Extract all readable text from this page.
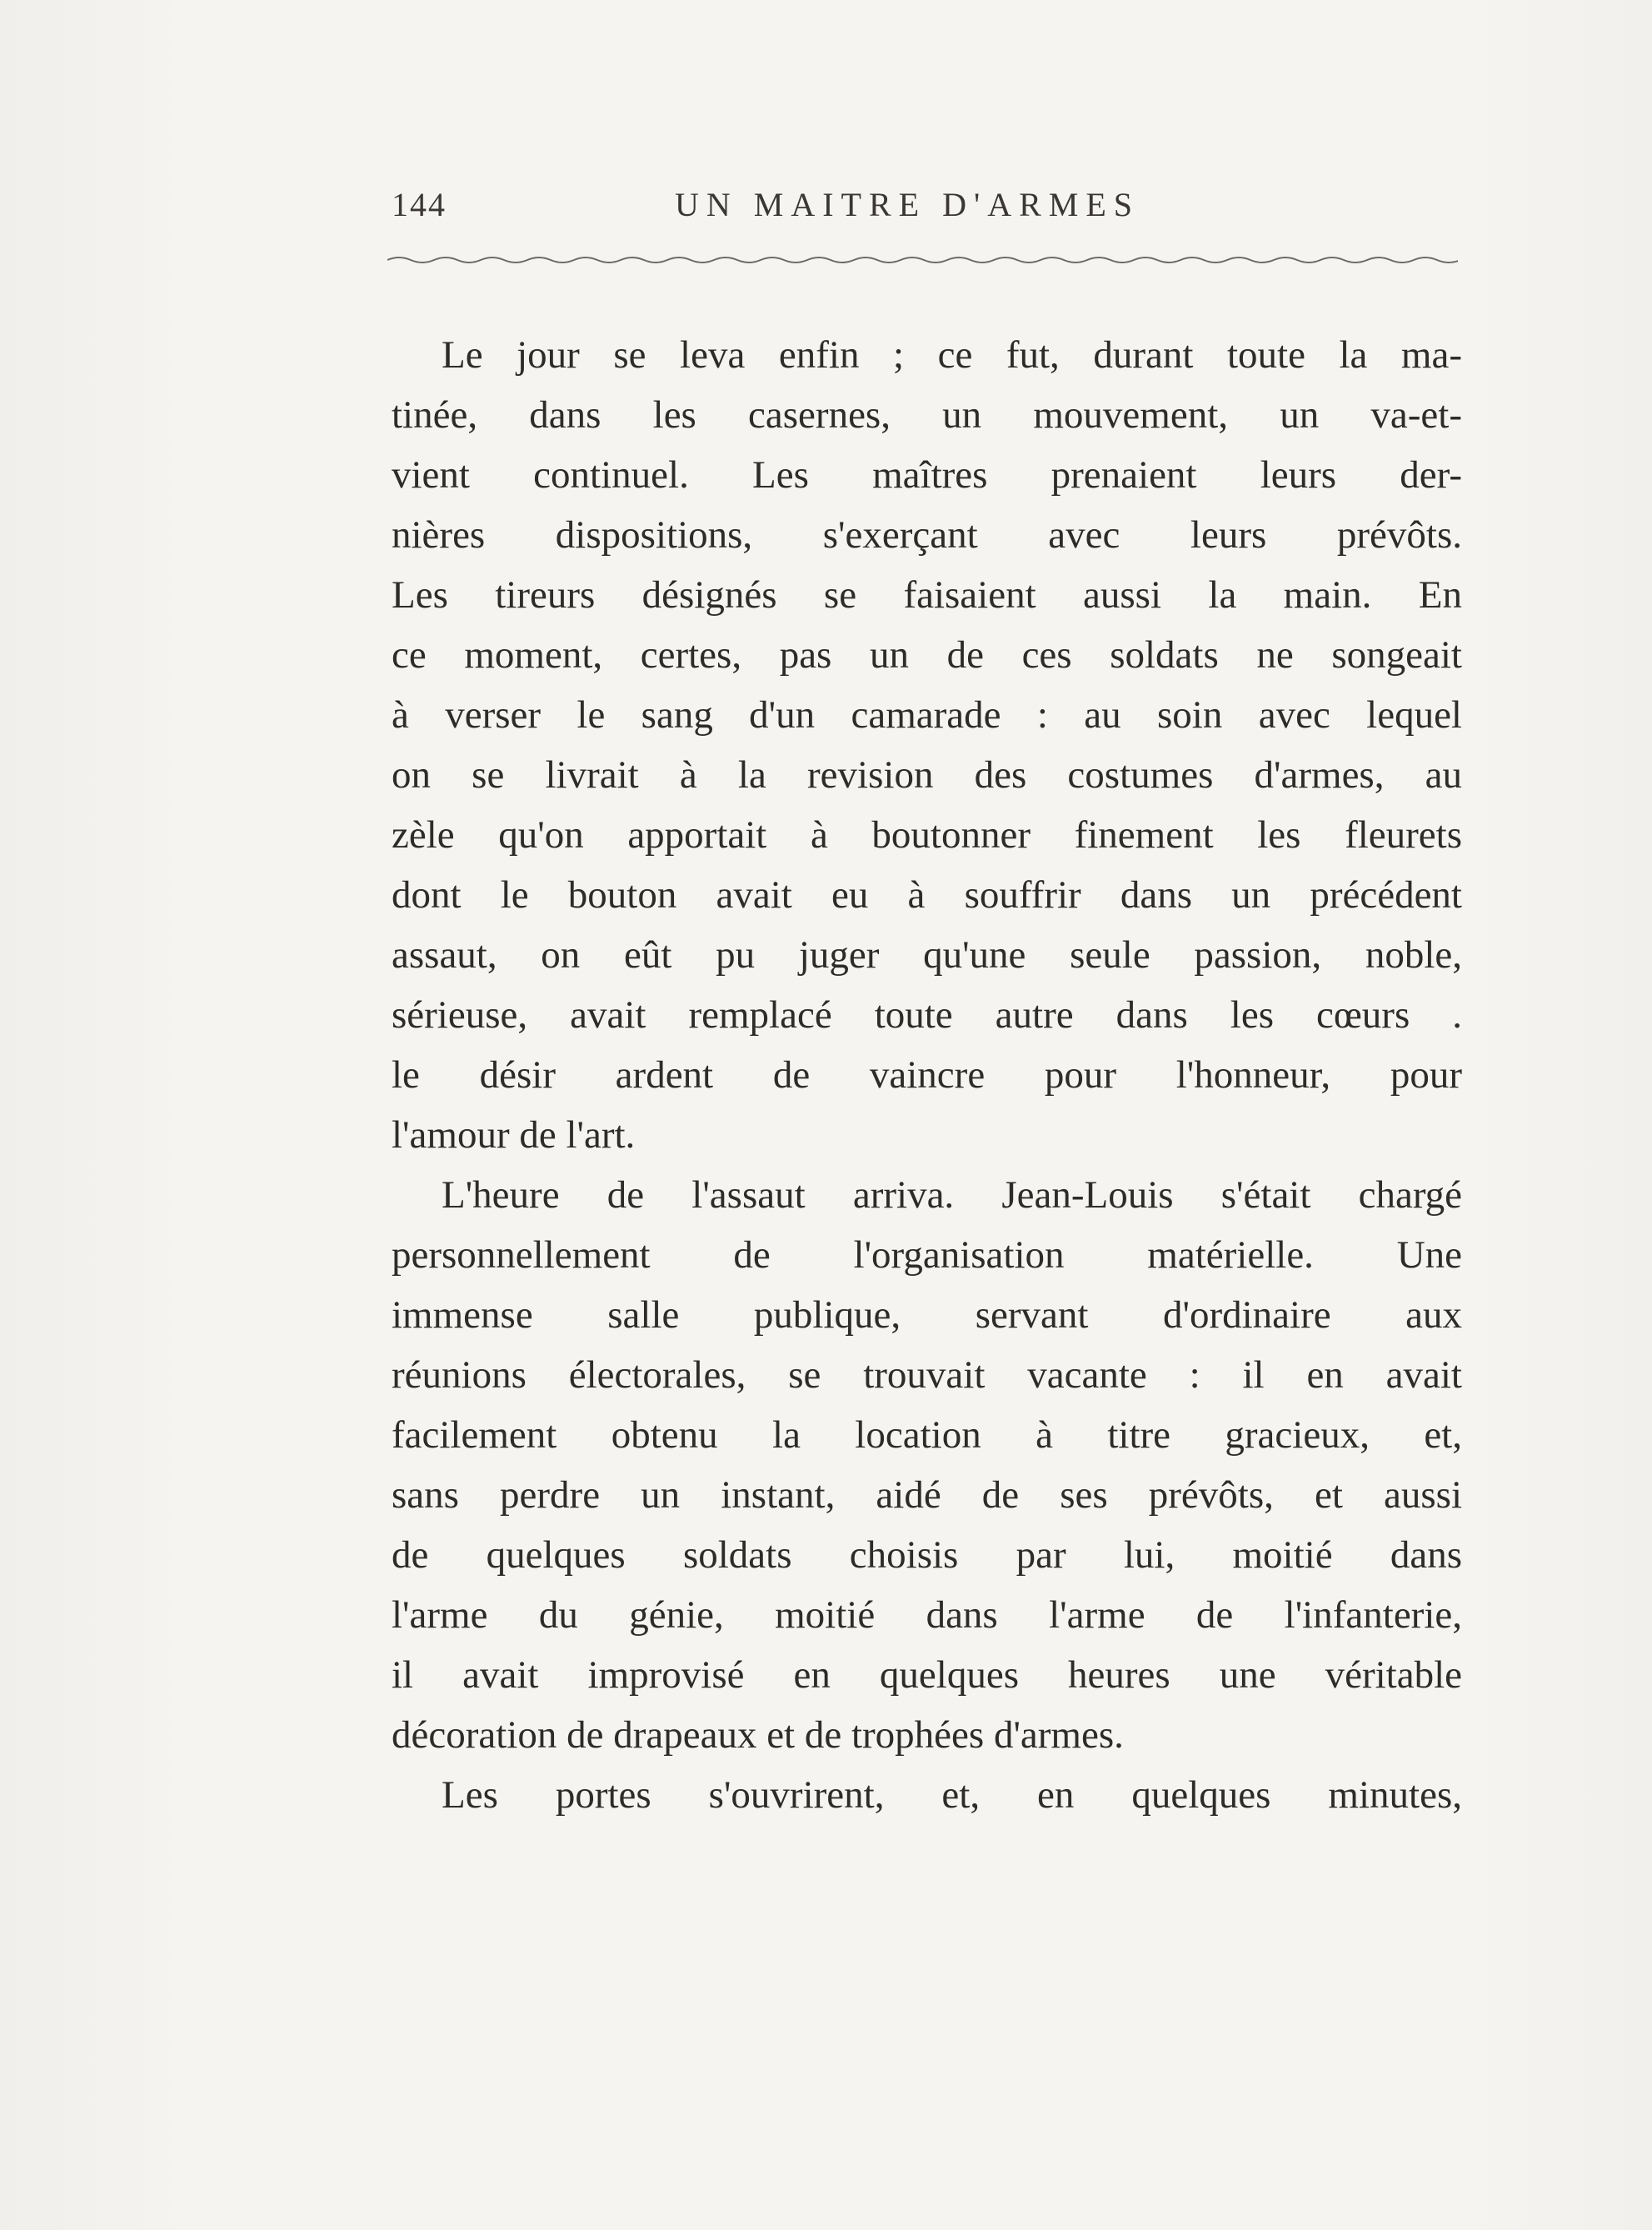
144	UN MAITRE D'ARMES
Le jour se leva enfin ; ce fut, durant toute la ma-
tinée, dans les casernes, un mouvement, un va-et-
vient continuel. Les maîtres prenaient leurs der-
nières dispositions, s'exerçant avec leurs prévôts.
Les tireurs désignés se faisaient aussi la main. En
ce moment, certes, pas un de ces soldats ne songeait
à verser le sang d'un camarade : au soin avec lequel
on se livrait à la revision des costumes d'armes, au
zèle qu'on apportait à boutonner finement les fleurets
dont le bouton avait eu à souffrir dans un précédent
assaut, on eût pu juger qu'une seule passion, noble,
sérieuse, avait remplacé toute autre dans les cœurs .
le désir ardent de vaincre pour l'honneur, pour
l'amour de l'art.
L'heure de l'assaut arriva. Jean-Louis s'était chargé
personnellement de l'organisation matérielle. Une
immense salle publique, servant d'ordinaire aux
réunions électorales, se trouvait vacante : il en avait
facilement obtenu la location à titre gracieux, et,
sans perdre un instant, aidé de ses prévôts, et aussi
de quelques soldats choisis par lui, moitié dans
l'arme du génie, moitié dans l'arme de l'infanterie,
il avait improvisé en quelques heures une véritable
décoration de drapeaux et de trophées d'armes.
Les portes s'ouvrirent, et, en quelques minutes,
